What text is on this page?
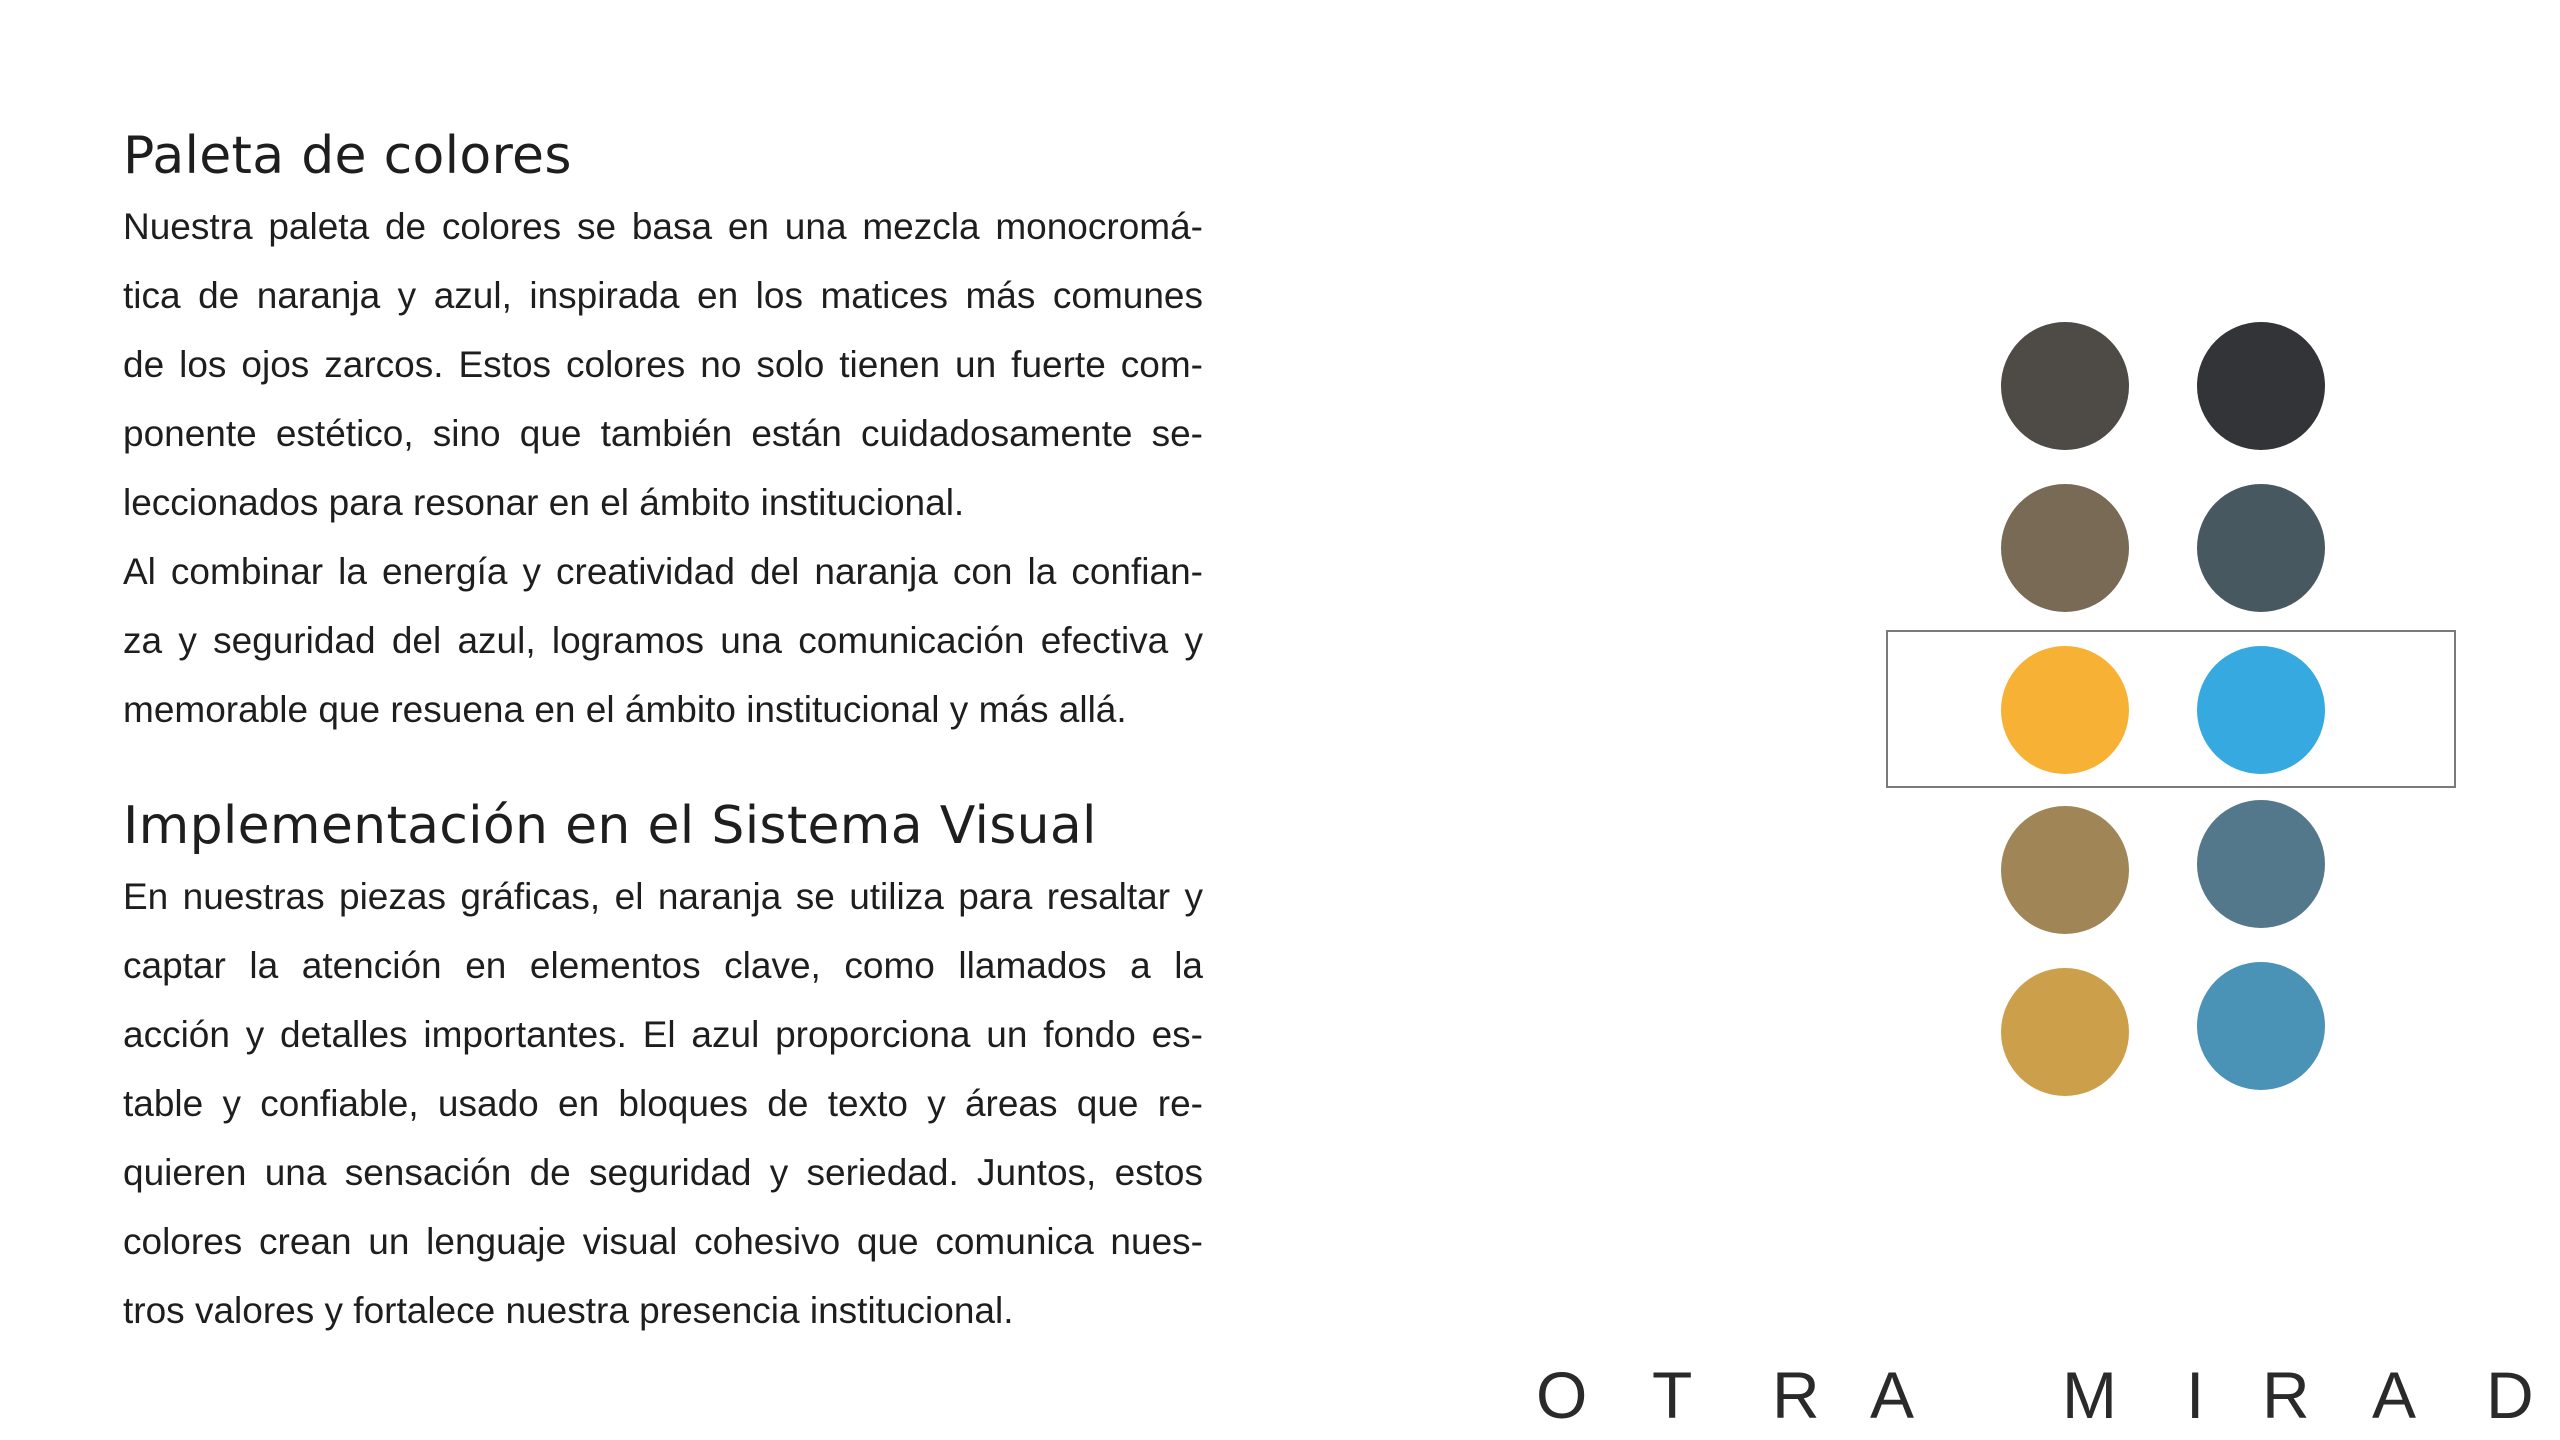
Paleta de colores

Nuestra paleta de colores se basa en una mezcla monocromá-
tica de naranja y azul, inspirada en los matices más comunes
de los ojos zarcos. Estos colores no solo tienen un fuerte com-
ponente estético, sino que también están cuidadosamente se-
leccionados para resonar en el ámbito institucional.
Al combinar la energía y creatividad del naranja con la confian-
za y seguridad del azul, logramos una comunicación efectiva y
memorable que resuena en el ámbito institucional y más allá.

Implementación en el Sistema Visual

En nuestras piezas gráficas, el naranja se utiliza para resaltar y
captar la atención en elementos clave, como llamados a la
acción y detalles importantes. El azul proporciona un fondo es-
table y confiable, usado en bloques de texto y áreas que re-
quieren una sensación de seguridad y seriedad. Juntos, estos
colores crean un lenguaje visual cohesivo que comunica nues-
tros valores y fortalece nuestra presencia institucional.

O T R A M I R A D
